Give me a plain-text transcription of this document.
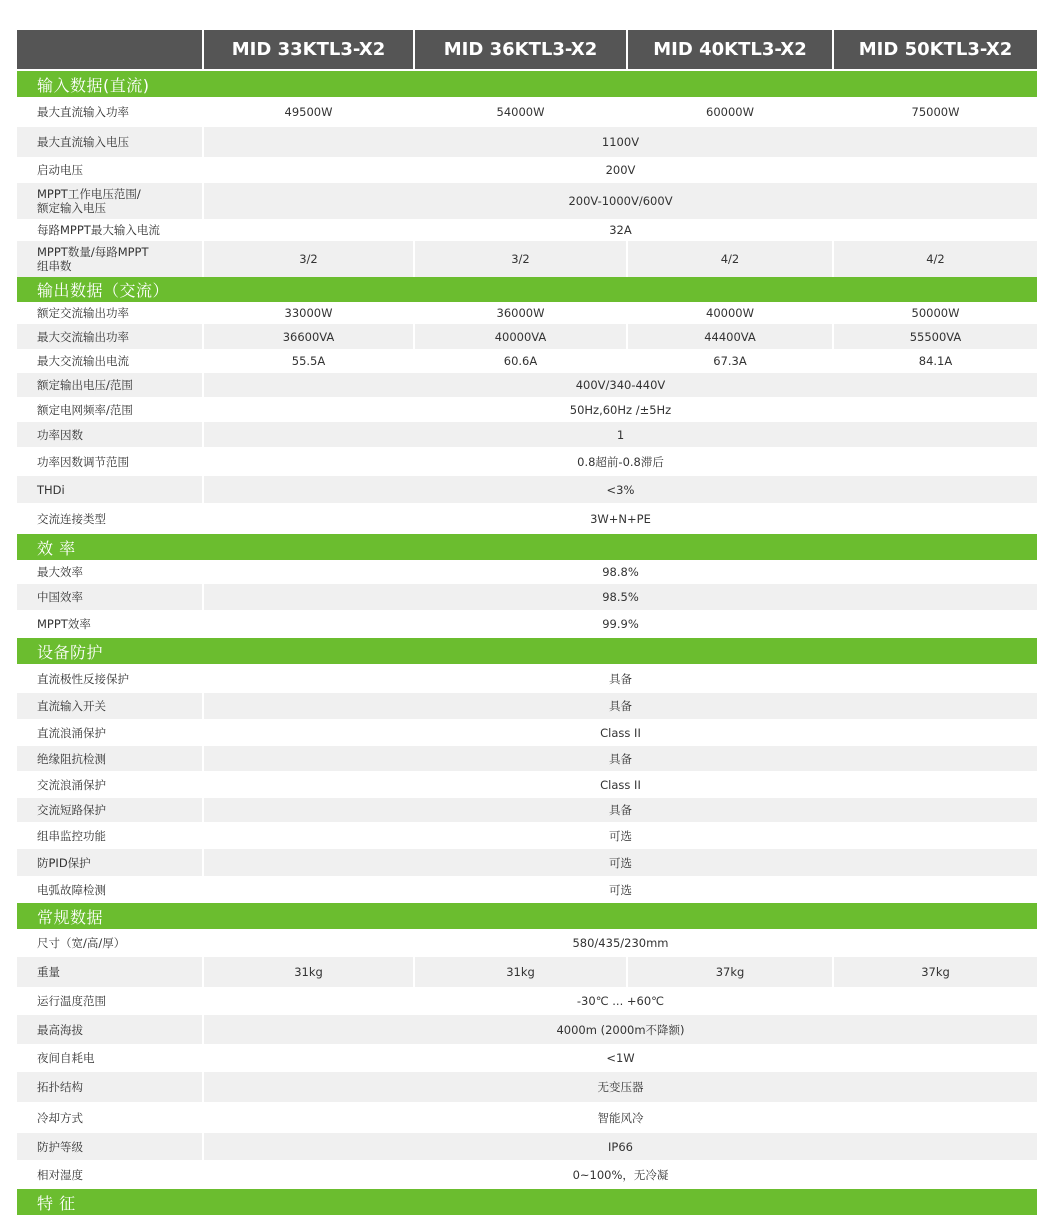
MID 33KTL3-X2	MID 36KTL3-X2	MID 40KTL3-X2	MID 50KTL3-X2
输入数据(直流)
最大直流输入功率	49500W	54000W	60000W	75000W
最大直流输入电压	1100V
启动电压	200V
MPPT工作电压范围/
额定输入电压	200V-1000V/600V
每路MPPT最大输入电流	32A
MPPT数量/每路MPPT
组串数	3/2	3/2	4/2	4/2
输出数据（交流）
额定交流输出功率	33000W	36000W	40000W	50000W
最大交流输出功率	36600VA	40000VA	44400VA	55500VA
最大交流输出电流	55.5A	60.6A	67.3A	84.1A
额定输出电压/范围	400V/340-440V
额定电网频率/范围	50Hz,60Hz /±5Hz
功率因数	1
功率因数调节范围	0.8超前-0.8滞后
THDi	<3%
交流连接类型	3W+N+PE
效 率
最大效率	98.8%
中国效率	98.5%
MPPT效率	99.9%
设备防护
直流极性反接保护	具备
直流输入开关	具备
直流浪涌保护	Class II
绝缘阻抗检测	具备
交流浪涌保护	Class II
交流短路保护	具备
组串监控功能	可选
防PID保护	可选
电弧故障检测	可选
常规数据
尺寸（宽/高/厚）	580/435/230mm
重量	31kg	31kg	37kg	37kg
运行温度范围	-30℃ ... +60℃
最高海拔	4000m (2000m不降额)
夜间自耗电	<1W
拓扑结构	无变压器
冷却方式	智能风冷
防护等级	IP66
相对湿度	0~100%，无冷凝
特 征
